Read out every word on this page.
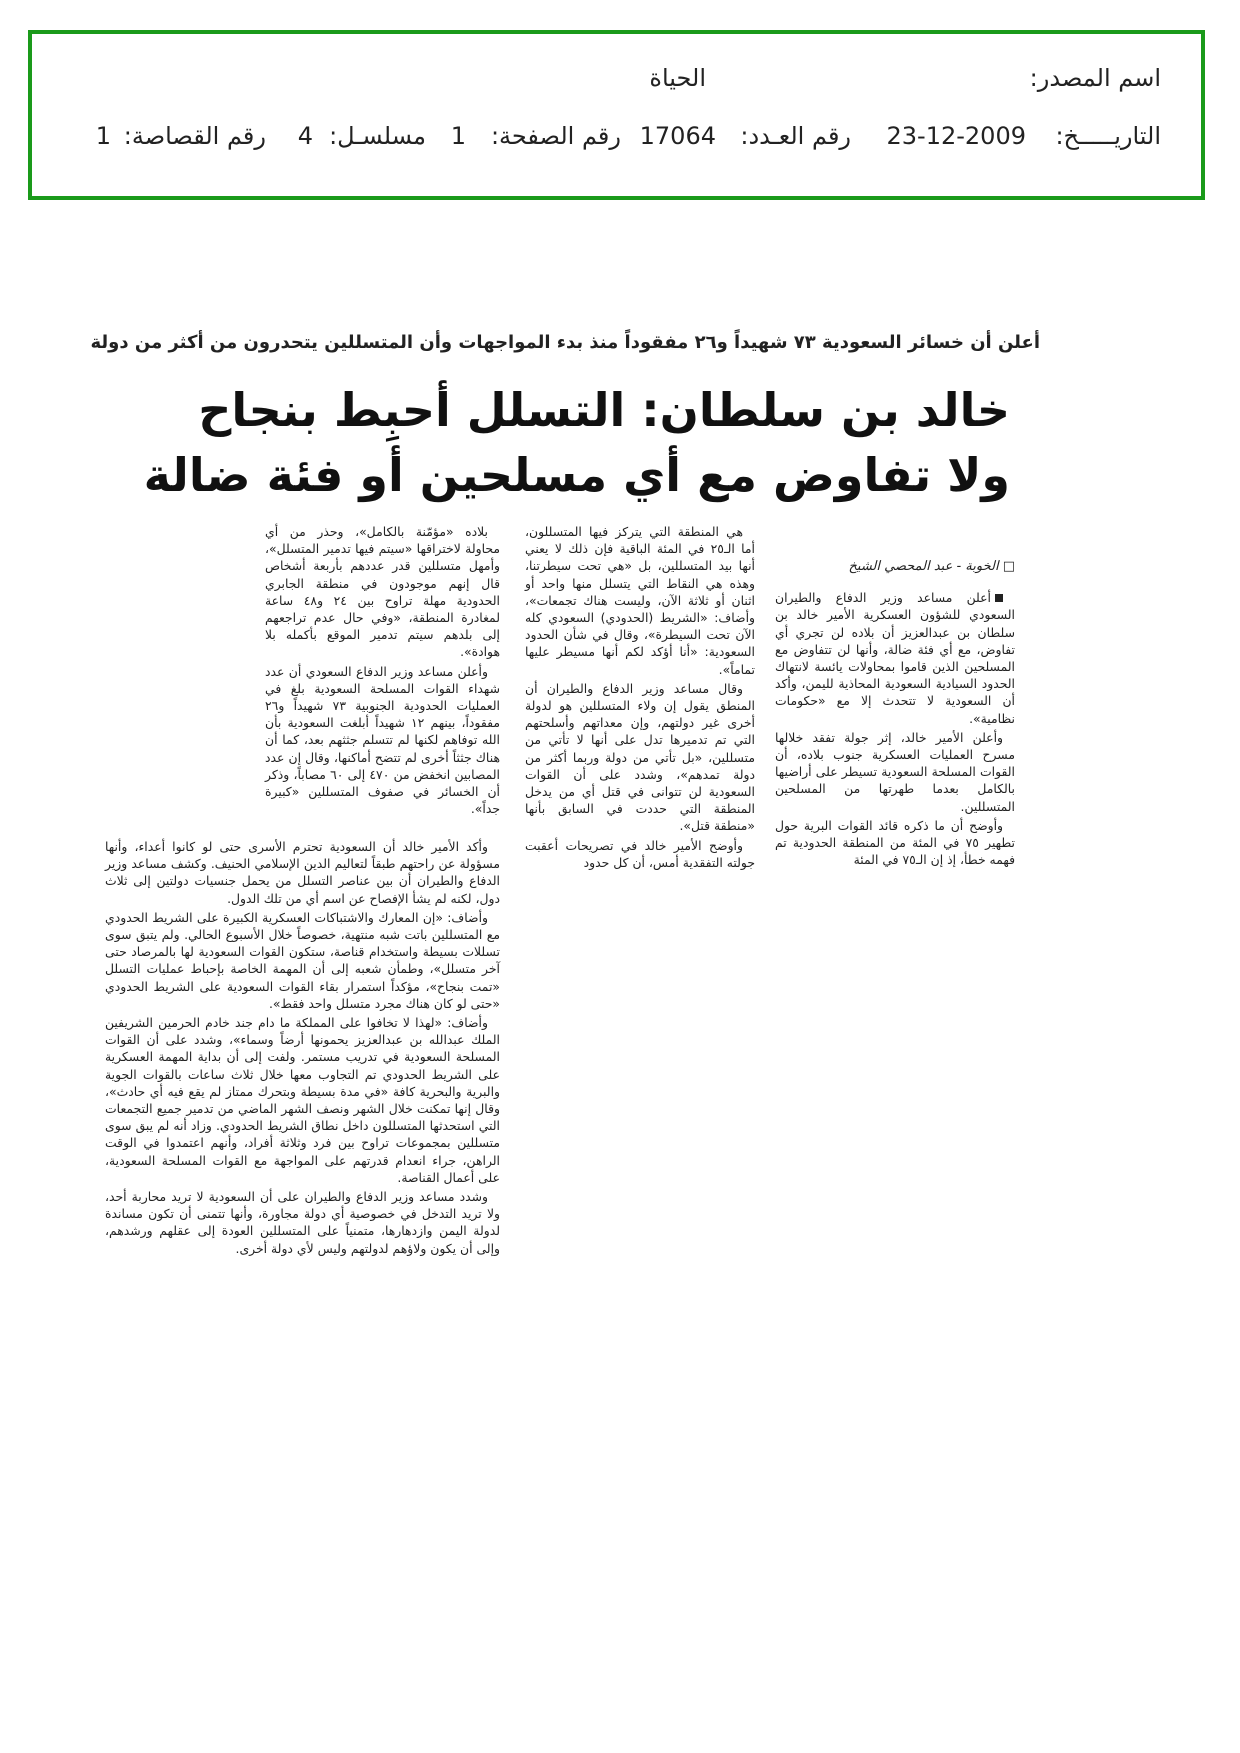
اسم المصدر:
الحياة
التاريـــــخ:
23-12-2009
رقم العـدد:
17064
رقم الصفحة:
1
مسلسـل:
4
رقم القصاصة:
1
أعلن أن خسائر السعودية ٧٣ شهيداً و٢٦ مفقوداً منذ بدء المواجهات وأن المتسللين يتحدرون من أكثر من دولة
خالد بن سلطان: التسلل أحبِط بنجاح
ولا تفاوض مع أي مسلحين أو فئة ضالة

□ الخوبة - عبد المحصي الشيخ

أعلن مساعد وزير الدفاع والطيران السعودي للشؤون العسكرية الأمير خالد بن سلطان بن عبدالعزيز أن بلاده لن تجري أي تفاوض، مع أي فئة ضالة، وأنها لن تتفاوض مع المسلحين الذين قاموا بمحاولات يائسة لانتهاك الحدود السيادية السعودية المحاذية لليمن، وأكد أن السعودية لا تتحدث إلا مع «حكومات نظامية».

وأعلن الأمير خالد، إثر جولة تفقد خلالها مسرح العمليات العسكرية جنوب بلاده، أن القوات المسلحة السعودية تسيطر على أراضيها بالكامل بعدما طهرتها من المسلحين المتسللين.

وأوضح أن ما ذكره قائد القوات البرية حول تطهير ٧٥ في المئة من المنطقة الحدودية تم فهمه خطأ، إذ إن الـ٧٥ في المئة

هي المنطقة التي يتركز فيها المتسللون، أما الـ٢٥ في المئة الباقية فإن ذلك لا يعني أنها بيد المتسللين، بل «هي تحت سيطرتنا، وهذه هي النقاط التي يتسلل منها واحد أو اثنان أو ثلاثة الآن، وليست هناك تجمعات»، وأضاف: «الشريط (الحدودي) السعودي كله الآن تحت السيطرة»، وقال في شأن الحدود السعودية: «أنا أؤكد لكم أنها مسيطر عليها تماماً».

وقال مساعد وزير الدفاع والطيران أن المنطق يقول إن ولاء المتسللين هو لدولة أخرى غير دولتهم، وإن معداتهم وأسلحتهم التي تم تدميرها تدل على أنها لا تأتي من متسللين، «بل تأتي من دولة وربما أكثر من دولة تمدهم»، وشدد على أن القوات السعودية لن تتوانى في قتل أي من يدخل المنطقة التي حددت في السابق بأنها «منطقة قتل».

وأوضح الأمير خالد في تصريحات أعقبت جولته التفقدية أمس، أن كل حدود

بلاده «مؤمّنة بالكامل»، وحذر من أي محاولة لاختراقها «سيتم فيها تدمير المتسلل»، وأمهل متسللين قدر عددهم بأربعة أشخاص قال إنهم موجودون في منطقة الجابري الحدودية مهلة تراوح بين ٢٤ و٤٨ ساعة لمغادرة المنطقة، «وفي حال عدم تراجعهم إلى بلدهم سيتم تدمير الموقع بأكمله بلا هوادة».

وأعلن مساعد وزير الدفاع السعودي أن عدد شهداء القوات المسلحة السعودية بلغ في العمليات الحدودية الجنوبية ٧٣ شهيداً و٢٦ مفقوداً، بينهم ١٢ شهيداً أبلغت السعودية بأن الله توفاهم لكنها لم تتسلم جثثهم بعد، كما أن هناك جثثاً أخرى لم تتضح أماكنها، وقال إن عدد المصابين انخفض من ٤٧٠ إلى ٦٠ مصاباً، وذكر أن الخسائر في صفوف المتسللين «كبيرة جداً».

وأكد الأمير خالد أن السعودية تحترم الأسرى حتى لو كانوا أعداء، وأنها مسؤولة عن راحتهم طبقاً لتعاليم الدين الإسلامي الحنيف. وكشف مساعد وزير الدفاع والطيران أن بين عناصر التسلل من يحمل جنسيات دولتين إلى ثلاث دول، لكنه لم يشأ الإفصاح عن اسم أي من تلك الدول.

وأضاف: «إن المعارك والاشتباكات العسكرية الكبيرة على الشريط الحدودي مع المتسللين باتت شبه منتهية، خصوصاً خلال الأسبوع الحالي. ولم يتبق سوى تسللات بسيطة واستخدام قناصة، ستكون القوات السعودية لها بالمرصاد حتى آخر متسلل»، وطمأن شعبه إلى أن المهمة الخاصة بإحباط عمليات التسلل «تمت بنجاح»، مؤكداً استمرار بقاء القوات السعودية على الشريط الحدودي «حتى لو كان هناك مجرد متسلل واحد فقط».

وأضاف: «لهذا لا تخافوا على المملكة ما دام جند خادم الحرمين الشريفين الملك عبدالله بن عبدالعزيز يحمونها أرضاً وسماء»، وشدد على أن القوات المسلحة السعودية في تدريب مستمر. ولفت إلى أن بداية المهمة العسكرية على الشريط الحدودي تم التجاوب معها خلال ثلاث ساعات بالقوات الجوية والبرية والبحرية كافة «في مدة بسيطة وبتحرك ممتاز لم يقع فيه أي حادث»، وقال إنها تمكنت خلال الشهر ونصف الشهر الماضي من تدمير جميع التجمعات التي استحدثها المتسللون داخل نطاق الشريط الحدودي. وزاد أنه لم يبق سوى متسللين بمجموعات تراوح بين فرد وثلاثة أفراد، وأنهم اعتمدوا في الوقت الراهن، جراء انعدام قدرتهم على المواجهة مع القوات المسلحة السعودية، على أعمال القناصة.

وشدد مساعد وزير الدفاع والطيران على أن السعودية لا تريد محاربة أحد، ولا تريد التدخل في خصوصية أي دولة مجاورة، وأنها تتمنى أن تكون مساندة لدولة اليمن وازدهارها، متمنياً على المتسللين العودة إلى عقلهم ورشدهم، وإلى أن يكون ولاؤهم لدولتهم وليس لأي دولة أخرى.
